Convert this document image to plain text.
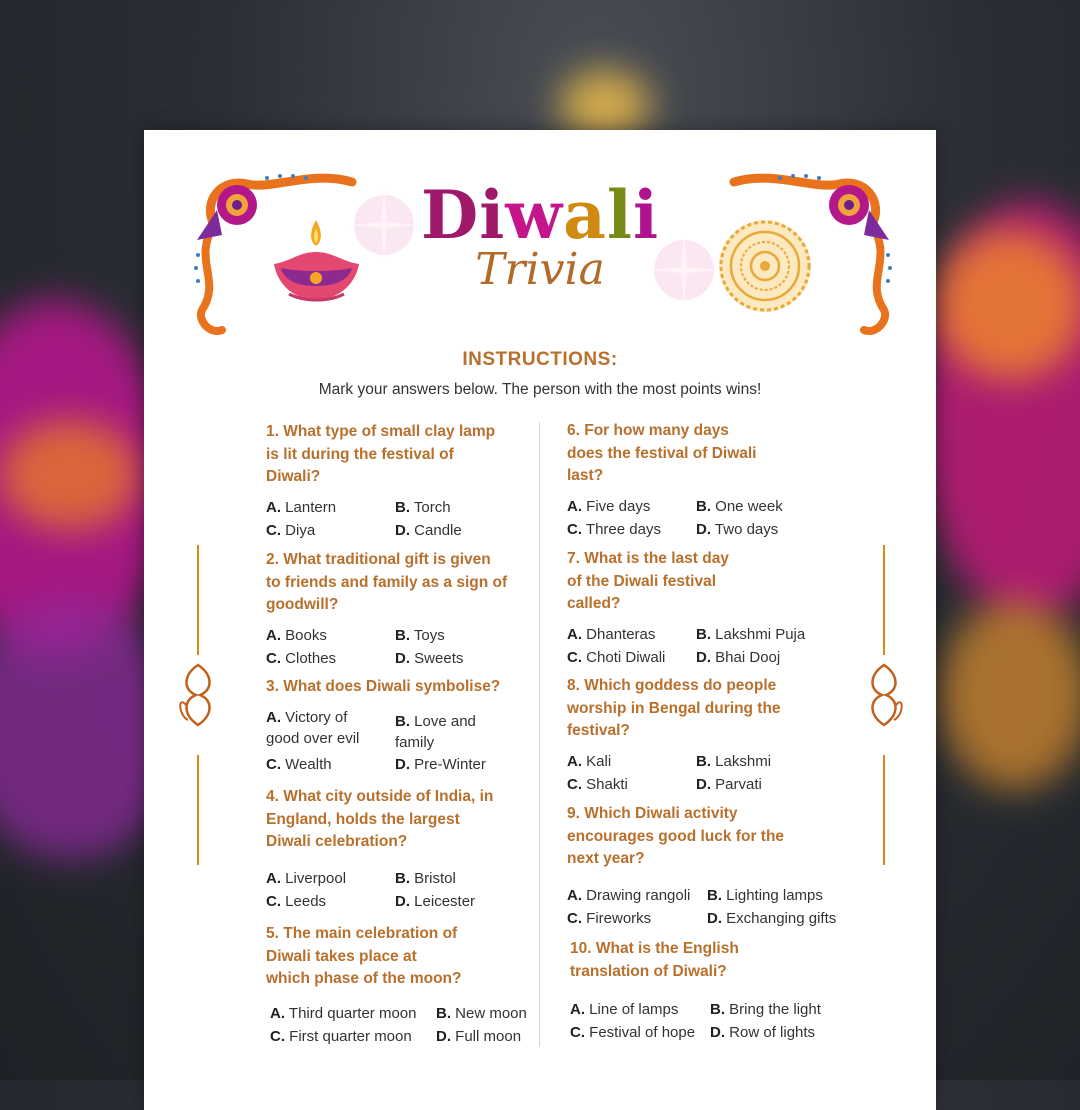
Diwali
Trivia
INSTRUCTIONS:
Mark your answers below. The person with the most points wins!
1. What type of small clay lamp
is lit during the festival of
Diwali?
A. Lantern	B. Torch
C. Diya	D. Candle
2. What traditional gift is given
to friends and family as a sign of
goodwill?
A. Books	B. Toys
C. Clothes	D. Sweets
3. What does Diwali symbolise?
A. Victory of
good over evil
B. Love and
family
C. Wealth	D. Pre-Winter
4. What city outside of India, in
England, holds the largest
Diwali celebration?
A. Liverpool	B. Bristol
C. Leeds	D. Leicester
5. The main celebration of
Diwali takes place at
which phase of the moon?
A. Third quarter moon	B. New moon
C. First quarter moon	D. Full moon
6. For how many days
does the festival of Diwali
last?
A. Five days	B. One week
C. Three days	D. Two days
7. What is the last day
of the Diwali festival
called?
A. Dhanteras	B. Lakshmi Puja
C. Choti Diwali	D. Bhai Dooj
8. Which goddess do people
worship in Bengal during the
festival?
A. Kali	B. Lakshmi
C. Shakti	D. Parvati
9. Which Diwali activity
encourages good luck for the
next year?
A. Drawing rangoli	B. Lighting lamps
C. Fireworks	D. Exchanging gifts
10. What is the English
translation of Diwali?
A. Line of lamps	B. Bring the light
C. Festival of hope D. Row of lights
